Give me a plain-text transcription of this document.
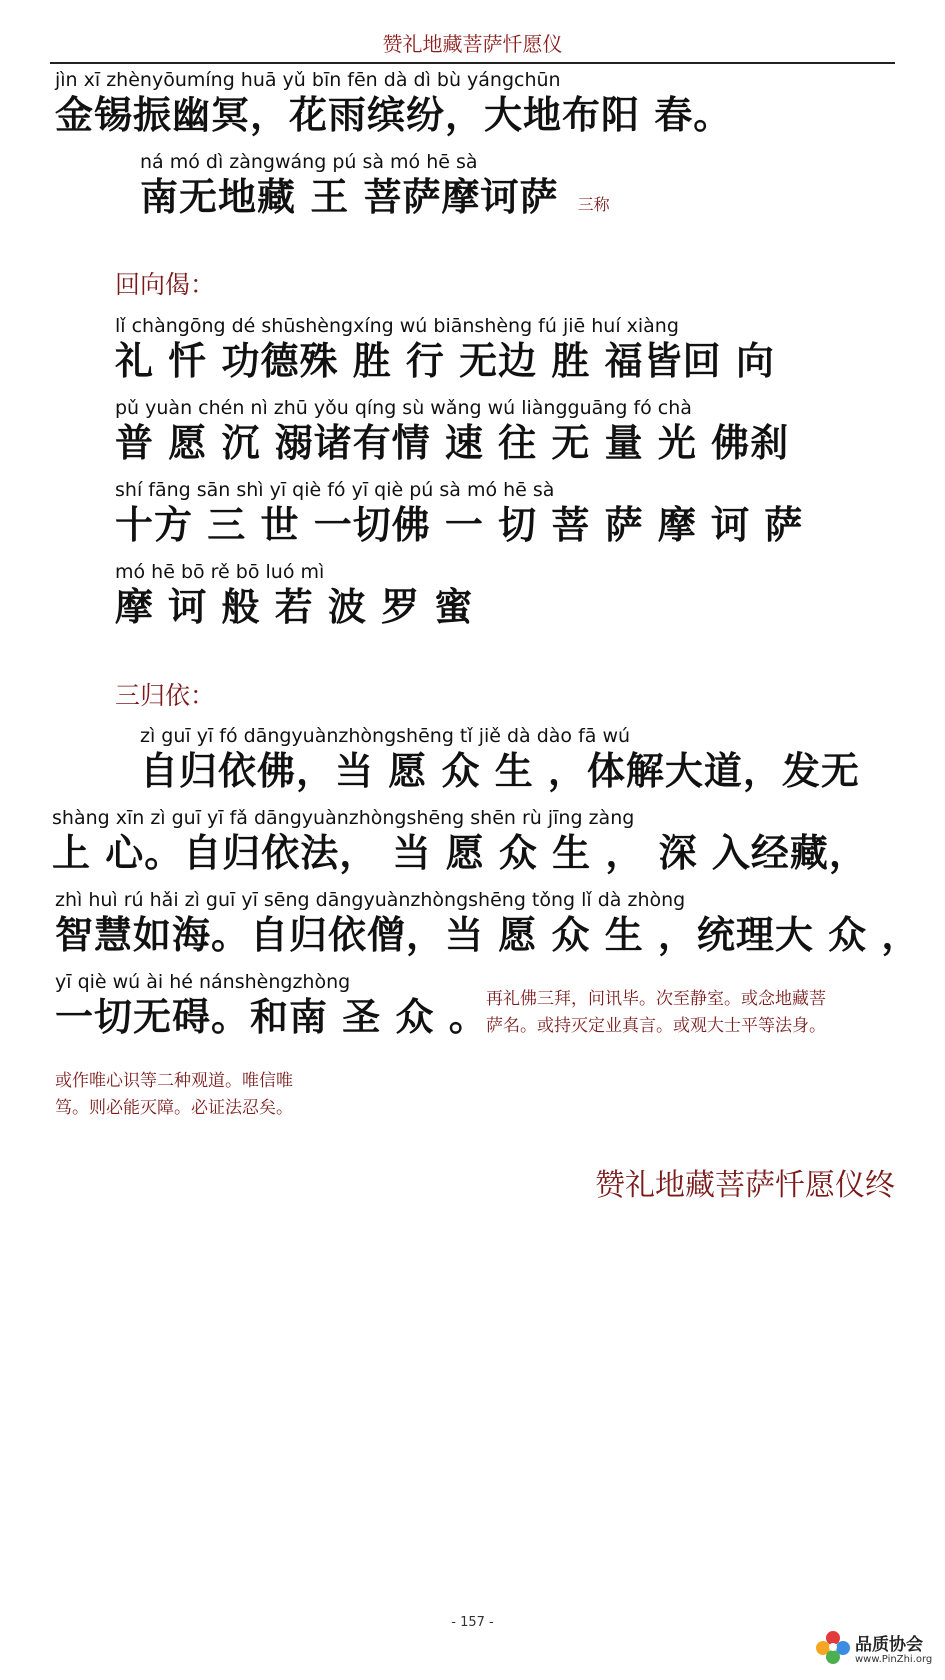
赞礼地藏菩萨忏愿仪
jìn xī zhènyōumíng huā yǔ bīn fēn dà dì bù yángchūn
金锡振幽冥，花雨缤纷，大地布阳 春。
ná mó dì zàngwáng pú sà mó hē sà
南无地藏 王 菩萨摩诃萨 三称
回向偈：
lǐ chàngōng dé shūshèngxíng wú biānshèng fú jiē huí xiàng
礼 忏 功德殊 胜 行 无边 胜 福皆回 向
pǔ yuàn chén nì zhū yǒu qíng sù wǎng wú liàngguāng fó chà
普 愿 沉 溺诸有情 速 往 无 量 光 佛刹
shí fāng sān shì yī qiè fó yī qiè pú sà mó hē sà
十方 三 世 一切佛 一 切 菩 萨 摩 诃 萨
mó hē bō rě bō luó mì
摩 诃 般 若 波 罗 蜜
三归依：
zì guī yī fó dāngyuànzhòngshēng tǐ jiě dà dào fā wú
自归依佛，当 愿 众 生 ，体解大道，发无
shàng xīn zì guī yī fǎ dāngyuànzhòngshēng shēn rù jīng zàng
上 心。自归依法， 当 愿 众 生 ， 深 入经藏，
zhì huì rú hǎi zì guī yī sēng dāngyuànzhòngshēng tǒng lǐ dà zhòng
智慧如海。自归依僧，当 愿 众 生 ，统理大 众 ，
yī qiè wú ài hé nánshèngzhòng
一切无碍。和南 圣 众 。
再礼佛三拜，问讯毕。次至静室。或念地藏菩
萨名。或持灭定业真言。或观大士平等法身。
或作唯心识等二种观道。唯信唯
笃。则必能灭障。必证法忍矣。
赞礼地藏菩萨忏愿仪终
- 157 -
品质协会
www.PinZhi.org
